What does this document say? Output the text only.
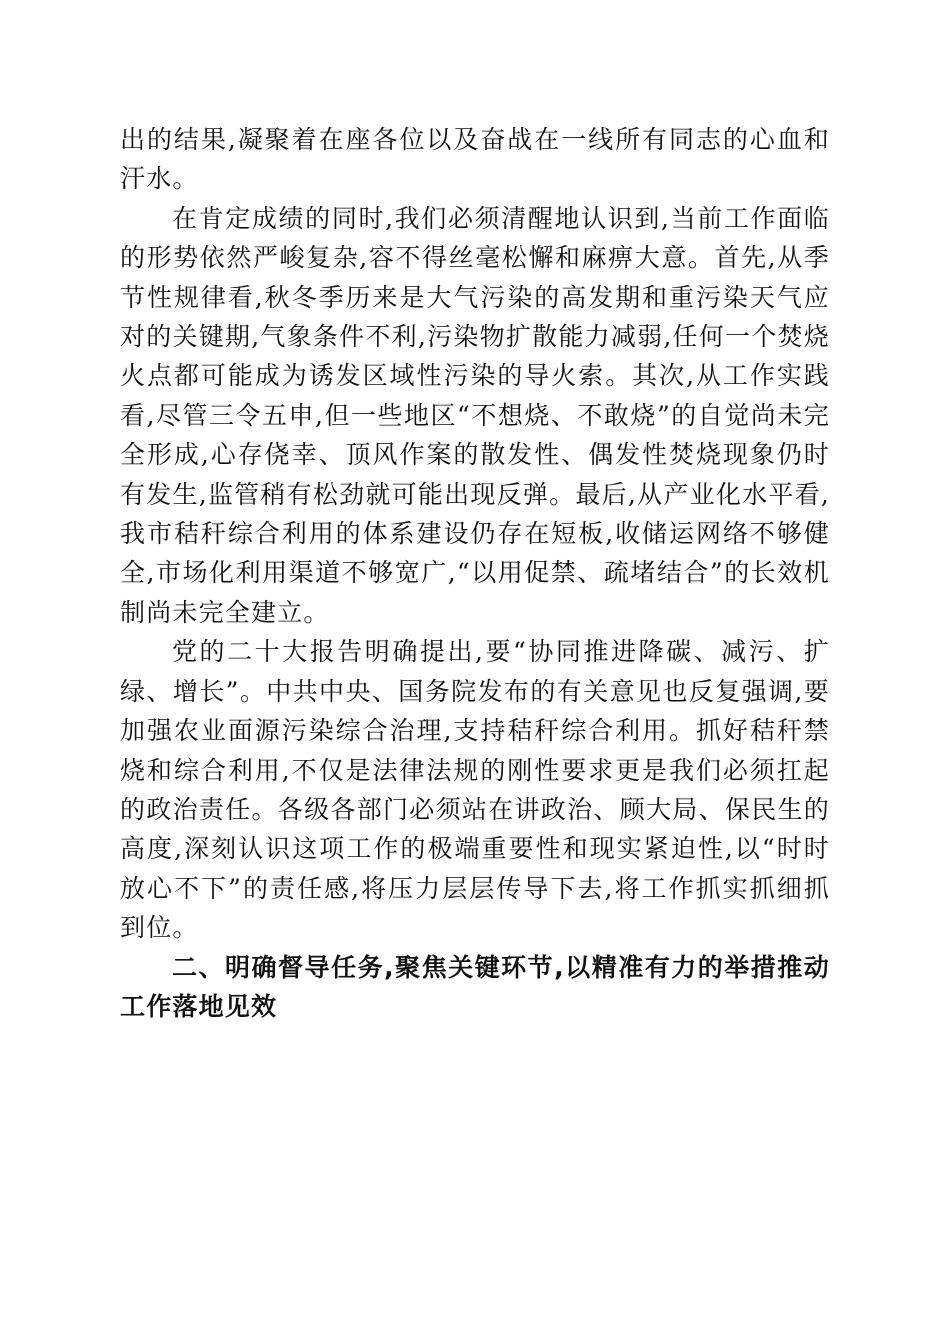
出的结果,凝聚着在座各位以及奋战在一线所有同志的心血和汗水。

在肯定成绩的同时,我们必须清醒地认识到,当前工作面临的形势依然严峻复杂,容不得丝毫松懈和麻痹大意。首先,从季节性规律看,秋冬季历来是大气污染的高发期和重污染天气应对的关键期,气象条件不利,污染物扩散能力减弱,任何一个焚烧火点都可能成为诱发区域性污染的导火索。其次,从工作实践看,尽管三令五申,但一些地区“不想烧、不敢烧”的自觉尚未完全形成,心存侥幸、顶风作案的散发性、偶发性焚烧现象仍时有发生,监管稍有松劲就可能出现反弹。最后,从产业化水平看,我市秸秆综合利用的体系建设仍存在短板,收储运网络不够健全,市场化利用渠道不够宽广,“以用促禁、疏堵结合”的长效机制尚未完全建立。

党的二十大报告明确提出,要“协同推进降碳、减污、扩绿、增长”。中共中央、国务院发布的有关意见也反复强调,要加强农业面源污染综合治理,支持秸秆综合利用。抓好秸秆禁烧和综合利用,不仅是法律法规的刚性要求更是我们必须扛起的政治责任。各级各部门必须站在讲政治、顾大局、保民生的高度,深刻认识这项工作的极端重要性和现实紧迫性,以“时时放心不下”的责任感,将压力层层传导下去,将工作抓实抓细抓到位。

二、明确督导任务,聚焦关键环节,以精准有力的举措推动工作落地见效
